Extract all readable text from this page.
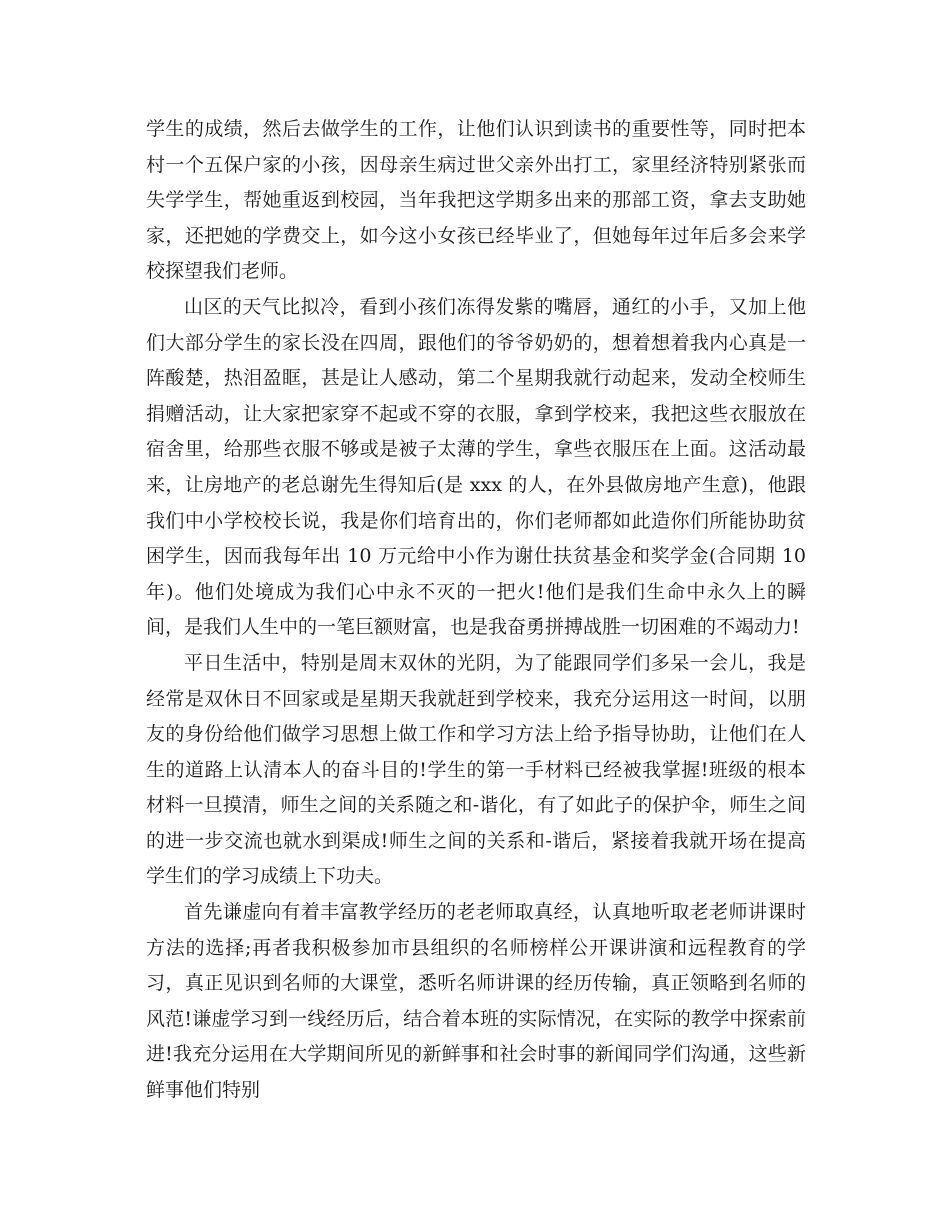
学生的成绩，然后去做学生的工作，让他们认识到读书的重要性等，同时把本村一个五保户家的小孩，因母亲生病过世父亲外出打工，家里经济特别紧张而失学学生，帮她重返到校园，当年我把这学期多出来的那部工资，拿去支助她家，还把她的学费交上，如今这小女孩已经毕业了，但她每年过年后多会来学校探望我们老师。

山区的天气比拟冷，看到小孩们冻得发紫的嘴唇，通红的小手，又加上他们大部分学生的家长没在四周，跟他们的爷爷奶奶的，想着想着我内心真是一阵酸楚，热泪盈眶，甚是让人感动，第二个星期我就行动起来，发动全校师生捐赠活动，让大家把家穿不起或不穿的衣服，拿到学校来，我把这些衣服放在宿舍里，给那些衣服不够或是被子太薄的学生，拿些衣服压在上面。这活动最来，让房地产的老总谢先生得知后(是 xxx 的人，在外县做房地产生意)，他跟我们中小学校校长说，我是你们培育出的，你们老师都如此造你们所能协助贫困学生，因而我每年出 10 万元给中小作为谢仕扶贫基金和奖学金(合同期 10 年)。他们处境成为我们心中永不灭的一把火!他们是我们生命中永久上的瞬间，是我们人生中的一笔巨额财富，也是我奋勇拼搏战胜一切困难的不竭动力!

平日生活中，特别是周末双休的光阴，为了能跟同学们多呆一会儿，我是经常是双休日不回家或是星期天我就赶到学校来，我充分运用这一时间，以朋友的身份给他们做学习思想上做工作和学习方法上给予指导协助，让他们在人生的道路上认清本人的奋斗目的!学生的第一手材料已经被我掌握!班级的根本材料一旦摸清，师生之间的关系随之和-谐化，有了如此子的保护伞，师生之间的进一步交流也就水到渠成!师生之间的关系和-谐后，紧接着我就开场在提高学生们的学习成绩上下功夫。

首先谦虚向有着丰富教学经历的老老师取真经，认真地听取老老师讲课时方法的选择;再者我积极参加市县组织的名师榜样公开课讲演和远程教育的学习，真正见识到名师的大课堂，悉听名师讲课的经历传输，真正领略到名师的风范!谦虚学习到一线经历后，结合着本班的实际情况，在实际的教学中探索前进!我充分运用在大学期间所见的新鲜事和社会时事的新闻同学们沟通，这些新鲜事他们特别
